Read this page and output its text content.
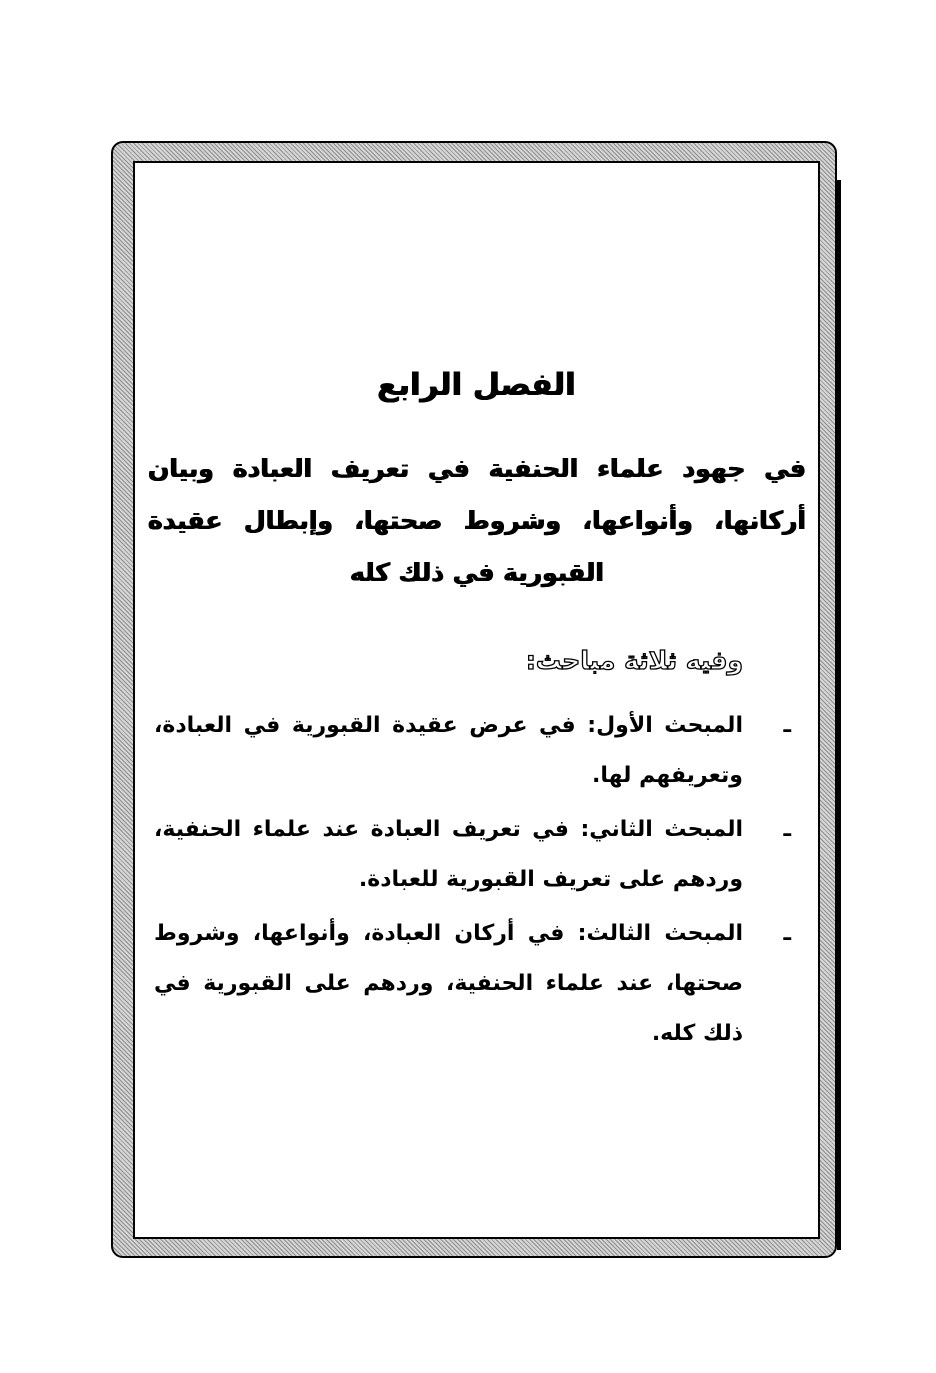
الفصل الرابع

في جهود علماء الحنفية في تعريف العبادة وبيان أركانها، وأنواعها، وشروط صحتها، وإبطال عقيدة القبورية في ذلك كله

وفيه ثلاثة مباحث:
ـ
المبحث الأول: في عرض عقيدة القبورية في العبادة، وتعريفهم لها.
ـ
المبحث الثاني: في تعريف العبادة عند علماء الحنفية، وردهم على تعريف القبورية للعبادة.
ـ
المبحث الثالث: في أركان العبادة، وأنواعها، وشروط صحتها، عند علماء الحنفية، وردهم على القبورية في ذلك كله.
